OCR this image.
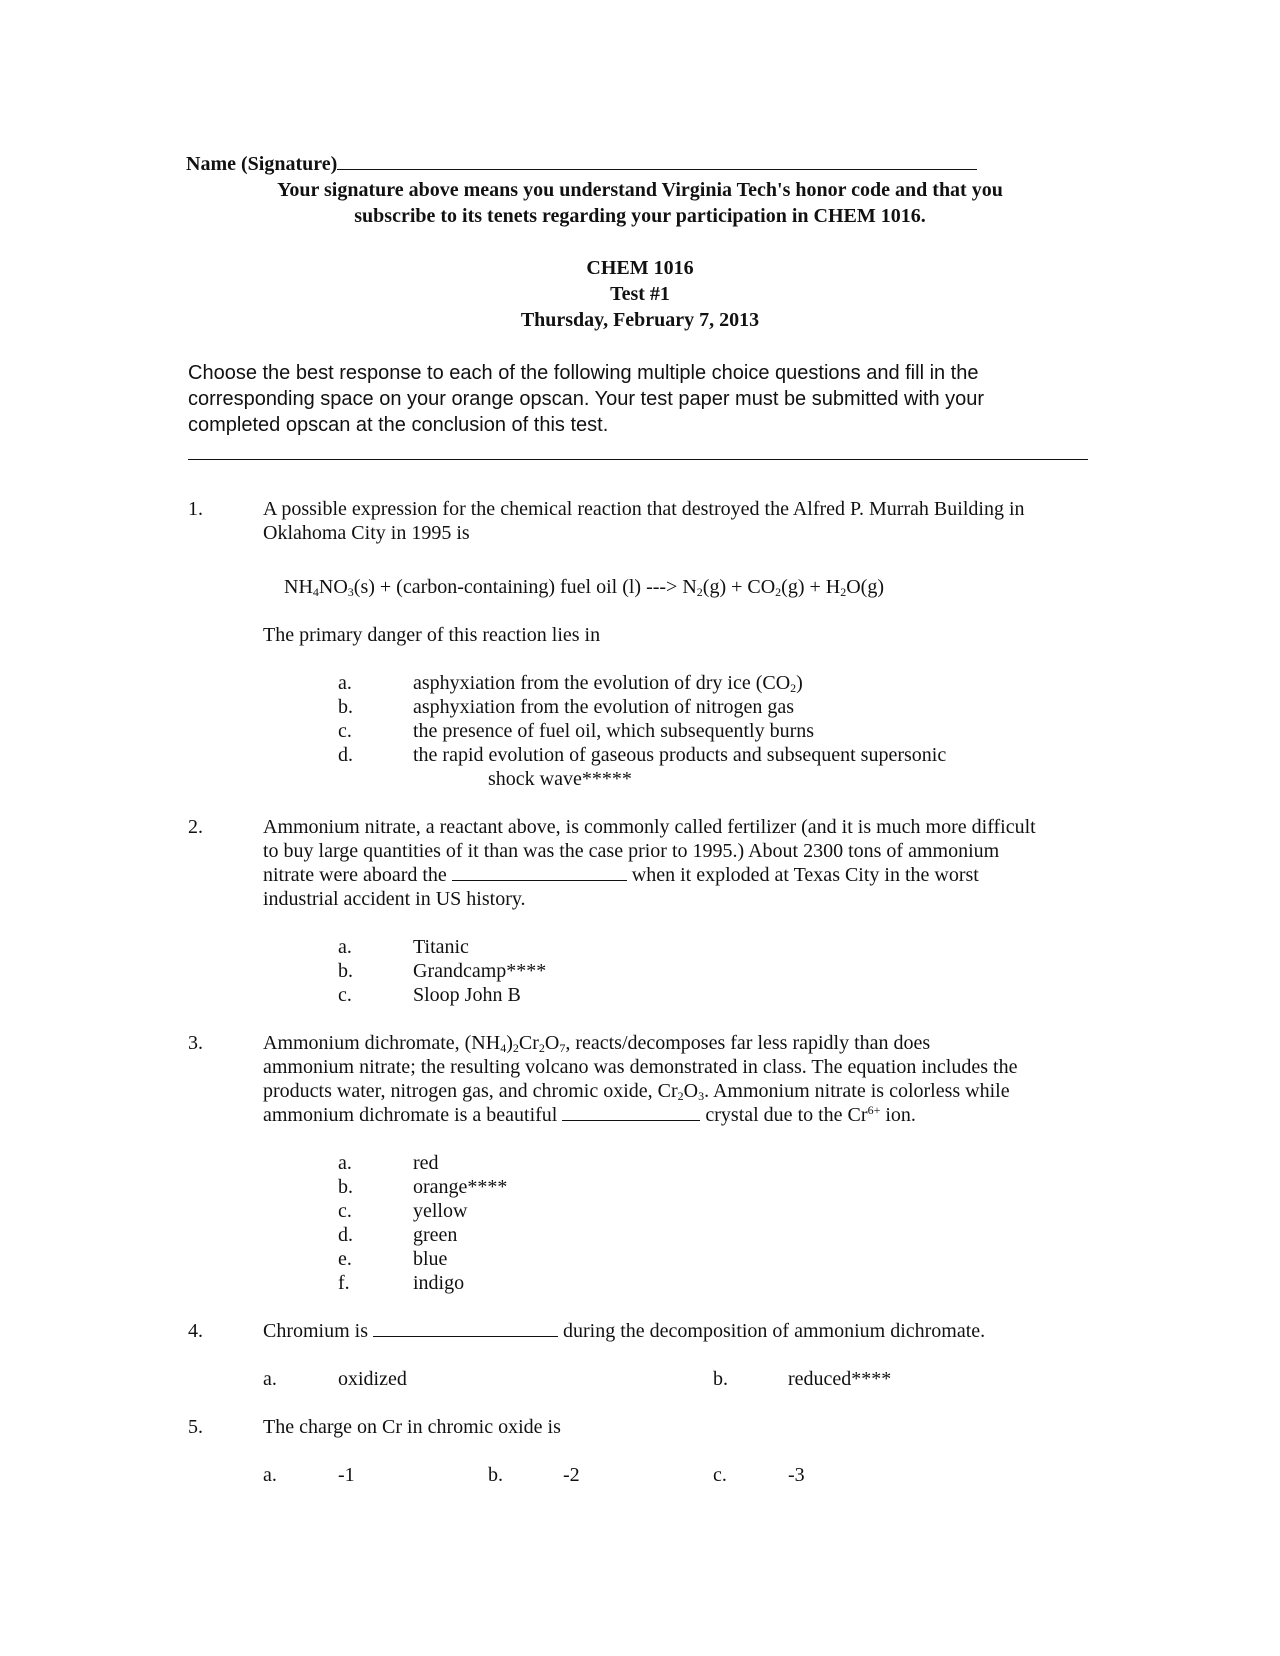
Name (Signature)
Your signature above means you understand Virginia Tech's honor code and that you
subscribe to its tenets regarding your participation in CHEM 1016.
CHEM 1016
Test #1
Thursday, February 7, 2013
Choose the best response to each of the following multiple choice questions and fill in the
corresponding space on your orange opscan. Your test paper must be submitted with your
completed opscan at the conclusion of this test.
1.	A possible expression for the chemical reaction that destroyed the Alfred P. Murrah Building in
Oklahoma City in 1995 is
$NH_4NO_3(s)$ + (carbon-containing) fuel oil (l) ---> $N_2(g) + CO_2(g) + H_2O(g)$
The primary danger of this reaction lies in
a.	asphyxiation from the evolution of dry ice $(CO_2)$
b.	asphyxiation from the evolution of nitrogen gas
c.	the presence of fuel oil, which subsequently burns
d.	the rapid evolution of gaseous products and subsequent supersonic
shock wave*****
2.	Ammonium nitrate, a reactant above, is commonly called fertilizer (and it is much more difficult
to buy large quantities of it than was the case prior to 1995.) About 2300 tons of ammonium
nitrate were aboard the	when it exploded at Texas City in the worst
industrial accident in US history.
a.	Titanic
b.	Grandcamp****
c.	Sloop John B
3.	Ammonium dichromate, $(NH_4)_2Cr_2O_7$, reacts/decomposes far less rapidly than does
ammonium nitrate; the resulting volcano was demonstrated in class. The equation includes the
products water, nitrogen gas, and chromic oxide, $Cr_2O_3$. Ammonium nitrate is colorless while
ammonium dichromate is a beautiful	crystal due to the $Cr^{6+}$ ion.
a.	red
b.	orange****
c.	yellow
d.	green
e.	blue
f.	indigo
4.	Chromium is	during the decomposition of ammonium dichromate.
a.	oxidized	b.	reduced****
5.	The charge on Cr in chromic oxide is
a.	-1	b.	-2	c.	-3
